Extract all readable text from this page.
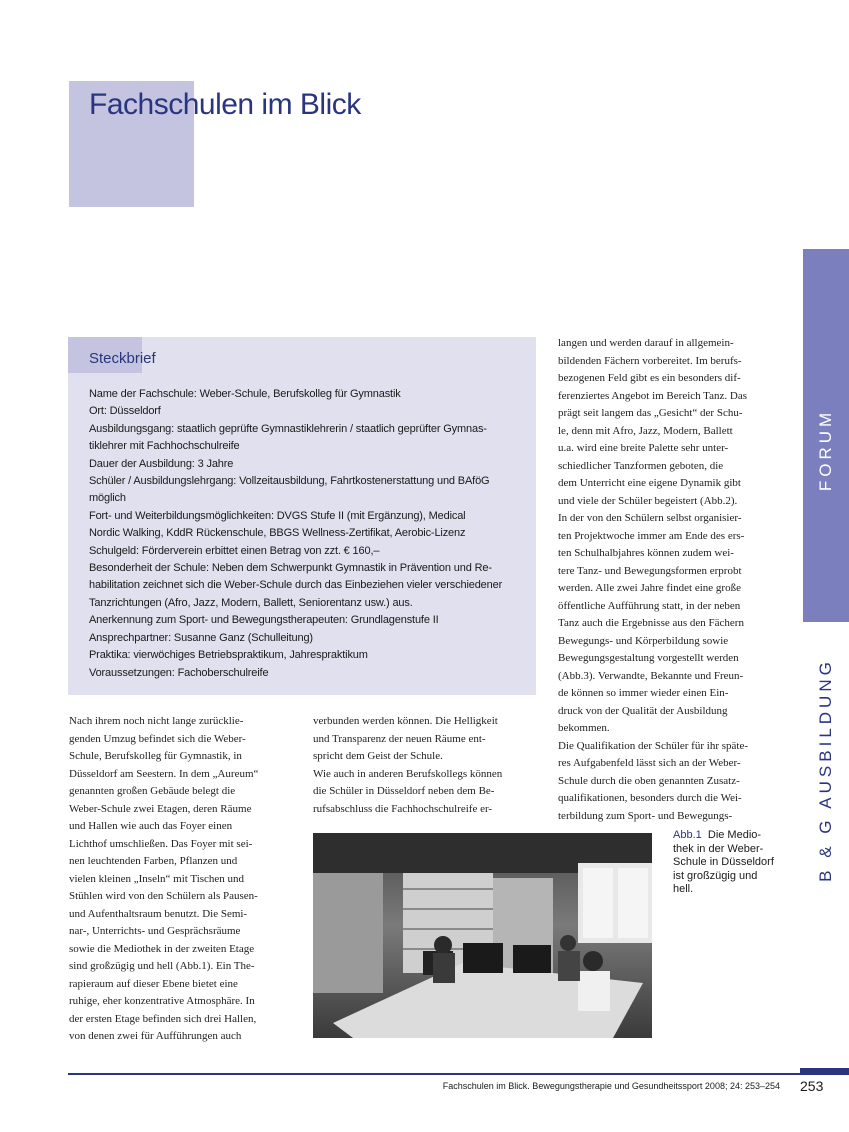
Fachschulen im Blick
FORUM
B & G AUSBILDUNG
Steckbrief

Name der Fachschule: Weber-Schule, Berufskolleg für Gymnastik

Ort: Düsseldorf

Ausbildungsgang: staatlich geprüfte Gymnastiklehrerin / staatlich geprüfter Gymnas-

tiklehrer mit Fachhochschulreife

Dauer der Ausbildung: 3 Jahre

Schüler / Ausbildungslehrgang: Vollzeitausbildung, Fahrtkostenerstattung und BAföG

möglich

Fort- und Weiterbildungsmöglichkeiten: DVGS Stufe II (mit Ergänzung), Medical

Nordic Walking, KddR Rückenschule, BBGS Wellness-Zertifikat, Aerobic-Lizenz

Schulgeld: Förderverein erbittet einen Betrag von zzt. € 160,–

Besonderheit der Schule: Neben dem Schwerpunkt Gymnastik in Prävention und Re-

habilitation zeichnet sich die Weber-Schule durch das Einbeziehen vieler verschiedener

Tanzrichtungen (Afro, Jazz, Modern, Ballett, Seniorentanz usw.) aus.

Anerkennung zum Sport- und Bewegungstherapeuten: Grundlagenstufe II

Ansprechpartner: Susanne Ganz (Schulleitung)

Praktika: vierwöchiges Betriebspraktikum, Jahrespraktikum

Voraussetzungen: Fachoberschulreife

Nach ihrem noch nicht lange zurücklie-

genden Umzug befindet sich die Weber-

Schule, Berufskolleg für Gymnastik, in

Düsseldorf am Seestern. In dem „Aureum“

genannten großen Gebäude belegt die

Weber-Schule zwei Etagen, deren Räume

und Hallen wie auch das Foyer einen

Lichthof umschließen. Das Foyer mit sei-

nen leuchtenden Farben, Pflanzen und

vielen kleinen „Inseln“ mit Tischen und

Stühlen wird von den Schülern als Pausen-

und Aufenthaltsraum benutzt. Die Semi-

nar-, Unterrichts- und Gesprächsräume

sowie die Mediothek in der zweiten Etage

sind großzügig und hell (Abb.1). Ein The-

rapieraum auf dieser Ebene bietet eine

ruhige, eher konzentrative Atmosphäre. In

der ersten Etage befinden sich drei Hallen,

von denen zwei für Aufführungen auch

verbunden werden können. Die Helligkeit

und Transparenz der neuen Räume ent-

spricht dem Geist der Schule.

Wie auch in anderen Berufskollegs können

die Schüler in Düsseldorf neben dem Be-

rufsabschluss die Fachhochschulreife er-

langen und werden darauf in allgemein-

bildenden Fächern vorbereitet. Im berufs-

bezogenen Feld gibt es ein besonders dif-

ferenziertes Angebot im Bereich Tanz. Das

prägt seit langem das „Gesicht“ der Schu-

le, denn mit Afro, Jazz, Modern, Ballett

u.a. wird eine breite Palette sehr unter-

schiedlicher Tanzformen geboten, die

dem Unterricht eine eigene Dynamik gibt

und viele der Schüler begeistert (Abb.2).

In der von den Schülern selbst organisier-

ten Projektwoche immer am Ende des ers-

ten Schulhalbjahres können zudem wei-

tere Tanz- und Bewegungsformen erprobt

werden. Alle zwei Jahre findet eine große

öffentliche Aufführung statt, in der neben

Tanz auch die Ergebnisse aus den Fächern

Bewegungs- und Körperbildung sowie

Bewegungsgestaltung vorgestellt werden

(Abb.3). Verwandte, Bekannte und Freun-

de können so immer wieder einen Ein-

druck von der Qualität der Ausbildung

bekommen.

Die Qualifikation der Schüler für ihr späte-

res Aufgabenfeld lässt sich an der Weber-

Schule durch die oben genannten Zusatz-

qualifikationen, besonders durch die Wei-

terbildung zum Sport- und Bewegungs-

Abb.1 Die Medio-
thek in der Weber-
Schule in Düsseldorf
ist großzügig und
hell.
Fachschulen im Blick. Bewegungstherapie und Gesundheitssport 2008; 24: 253–254 253
